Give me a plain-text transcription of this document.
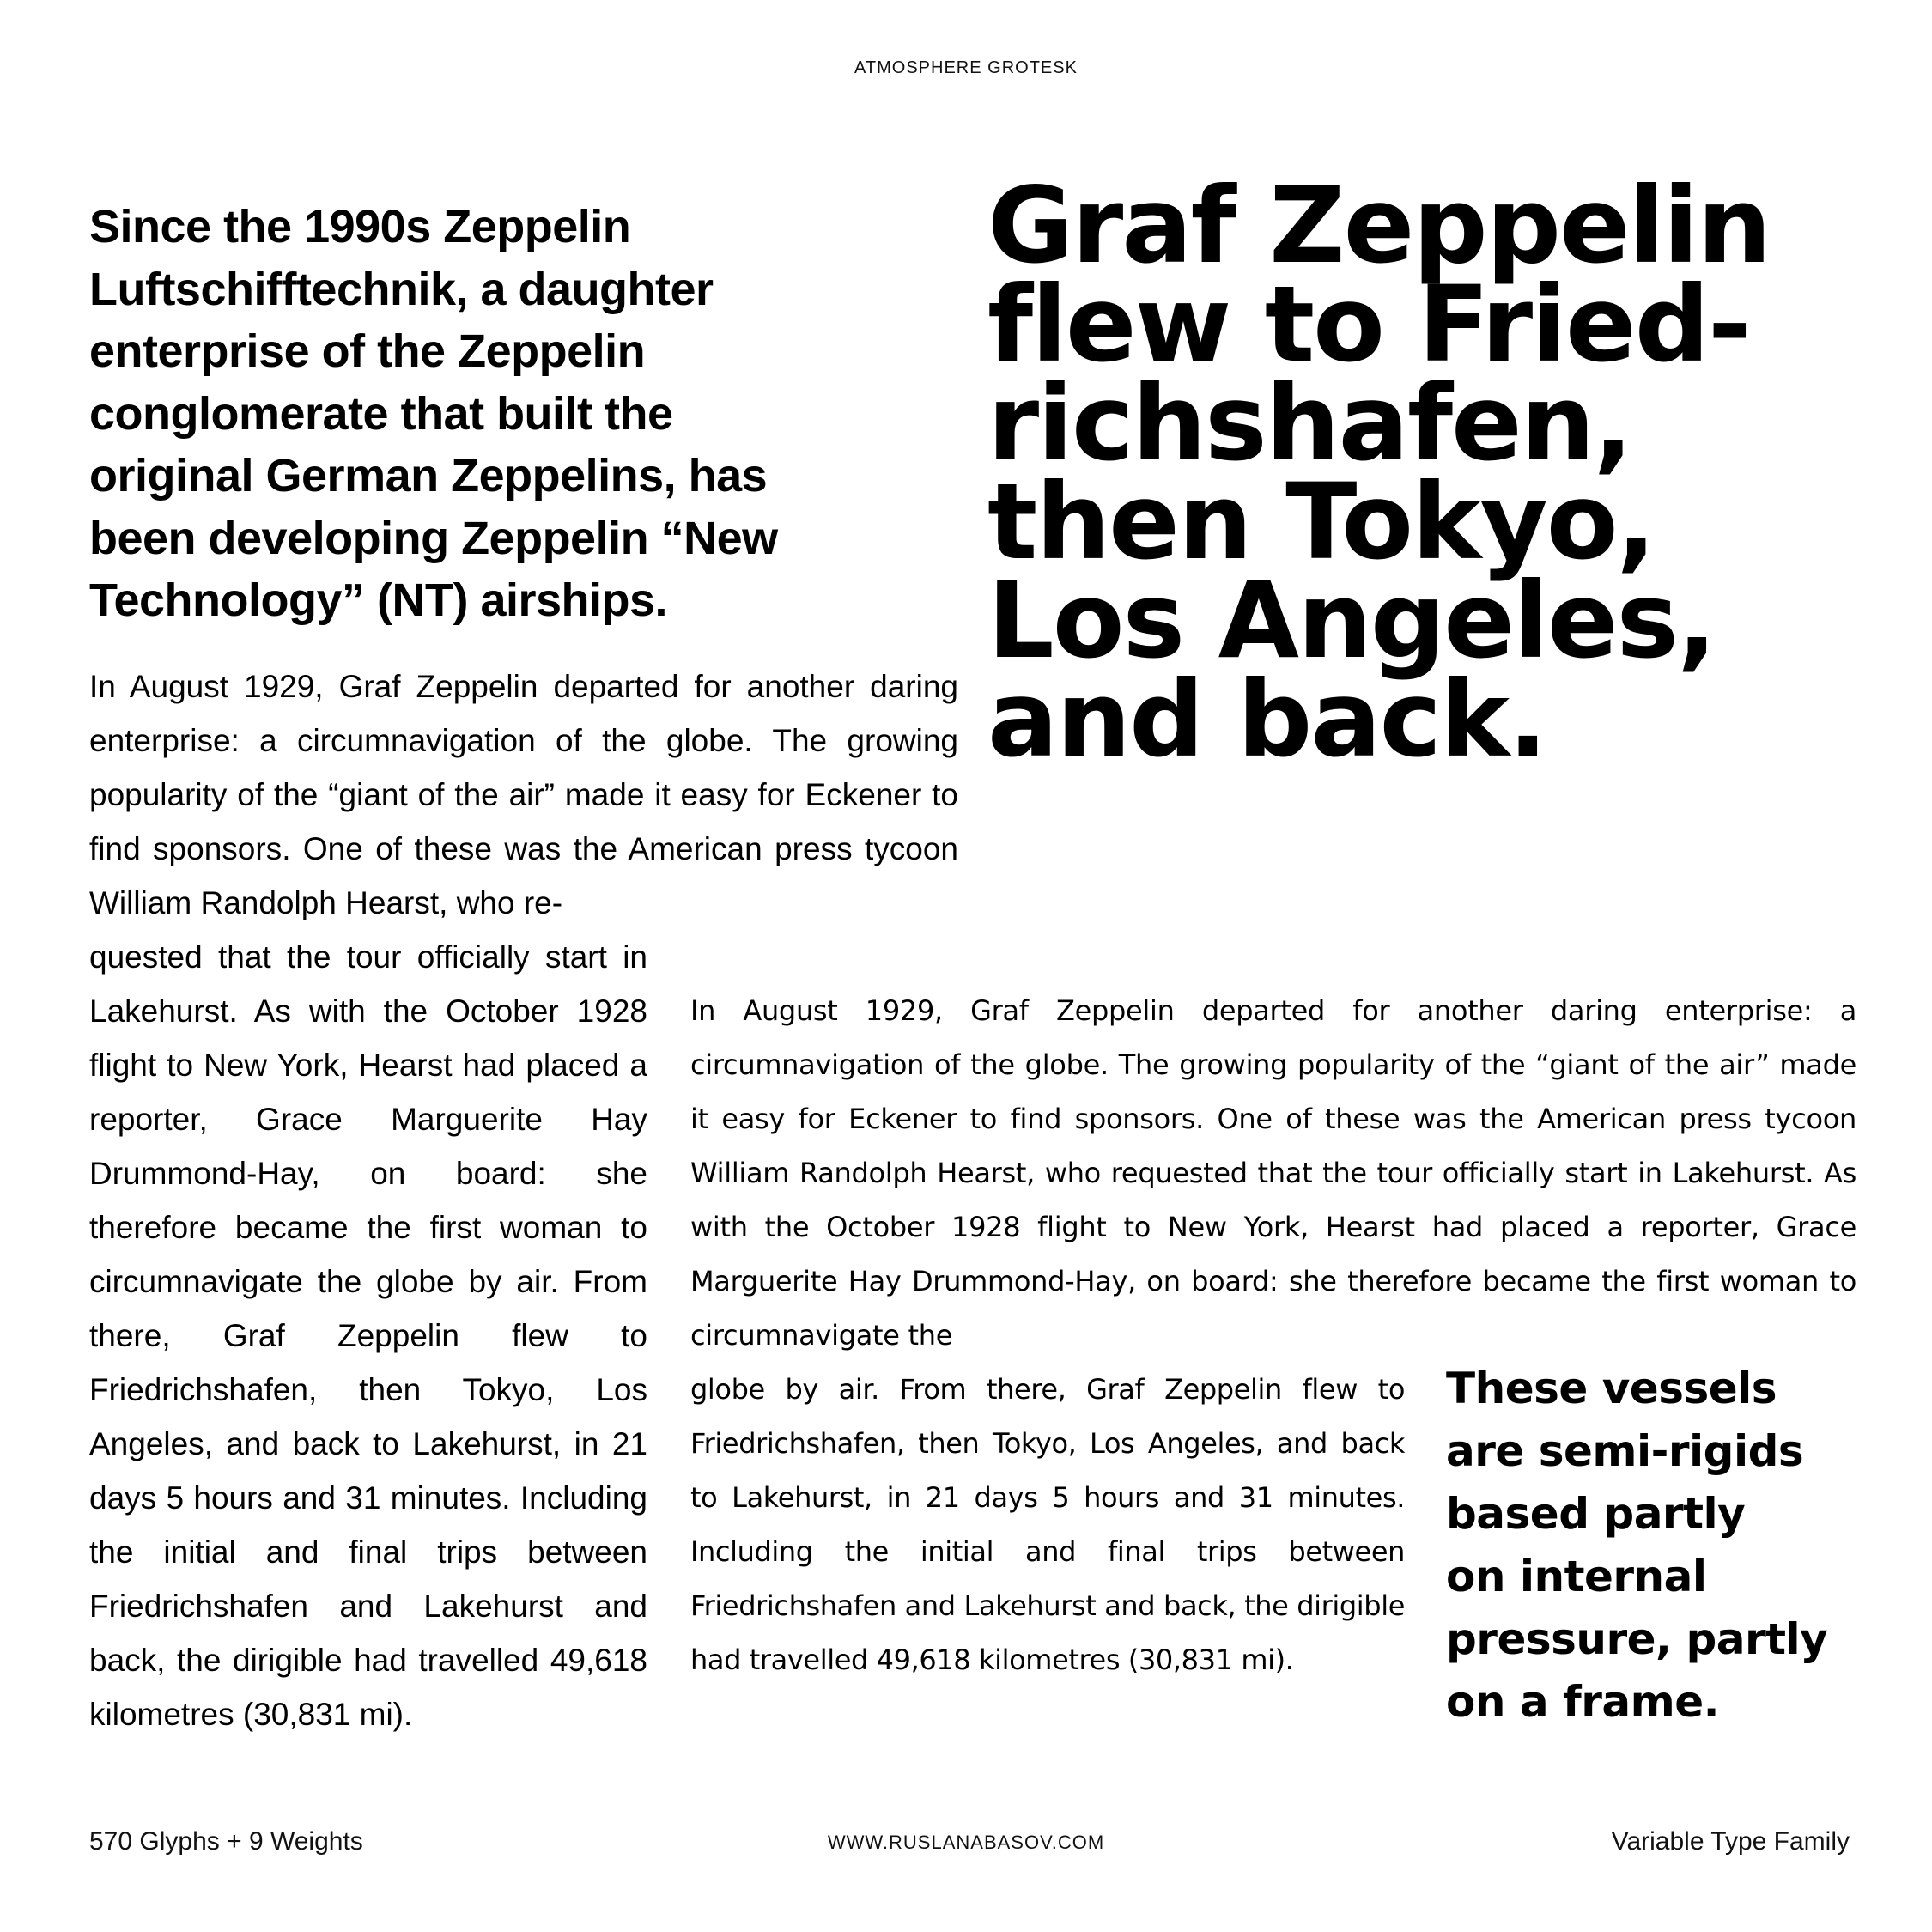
ATMOSPHERE GROTESK

Since the 1990s Zeppelin
Luftschifftechnik, a daughter
enterprise of the Zeppelin
conglomerate that built the
original German Zeppelins, has
been developing Zeppelin “New
Technology” (NT) airships.

Graf Zeppelin
flew to Fried-
richshafen,
then Tokyo,
Los Angeles,
and back.

In August 1929, Graf Zeppelin departed for another daring enterprise: a circumnavigation of the globe. The growing popularity of the “giant of the air” made it easy for Eckener to find sponsors. One of these was the American press tycoon William Randolph Hearst, who re-

quested that the tour officially start in Lakehurst. As with the October 1928 flight to New York, Hearst had placed a reporter, Grace Marguerite Hay Drummond-Hay, on board: she therefore became the first woman to circumnavigate the globe by air. From there, Graf Zeppelin flew to Friedrichshafen, then Tokyo, Los Angeles, and back to Lakehurst, in 21 days 5 hours and 31 minutes. Including the initial and final trips between Friedrichshafen and Lakehurst and back, the dirigible had travelled 49,618 kilometres (30,831 mi).

In August 1929, Graf Zeppelin departed for another daring enterprise: a circumnavigation of the globe. The growing popularity of the “giant of the air” made it easy for Eckener to find sponsors. One of these was the American press tycoon William Randolph Hearst, who requested that the tour officially start in Lakehurst. As with the October 1928 flight to New York, Hearst had placed a reporter, Grace Marguerite Hay Drummond-Hay, on board: she therefore became the first woman to circumnavigate the

globe by air. From there, Graf Zeppelin flew to Friedrichshafen, then Tokyo, Los Angeles, and back to Lakehurst, in 21 days 5 hours and 31 minutes. Including the initial and final trips between Friedrichshafen and Lakehurst and back, the dirigible had travelled 49,618 kilometres (30,831 mi).

These vessels
are semi-rigids
based partly
on internal
pressure, partly
on a frame.

570 Glyphs + 9 Weights	WWW.RUSLANABASOV.COM	Variable Type Family
